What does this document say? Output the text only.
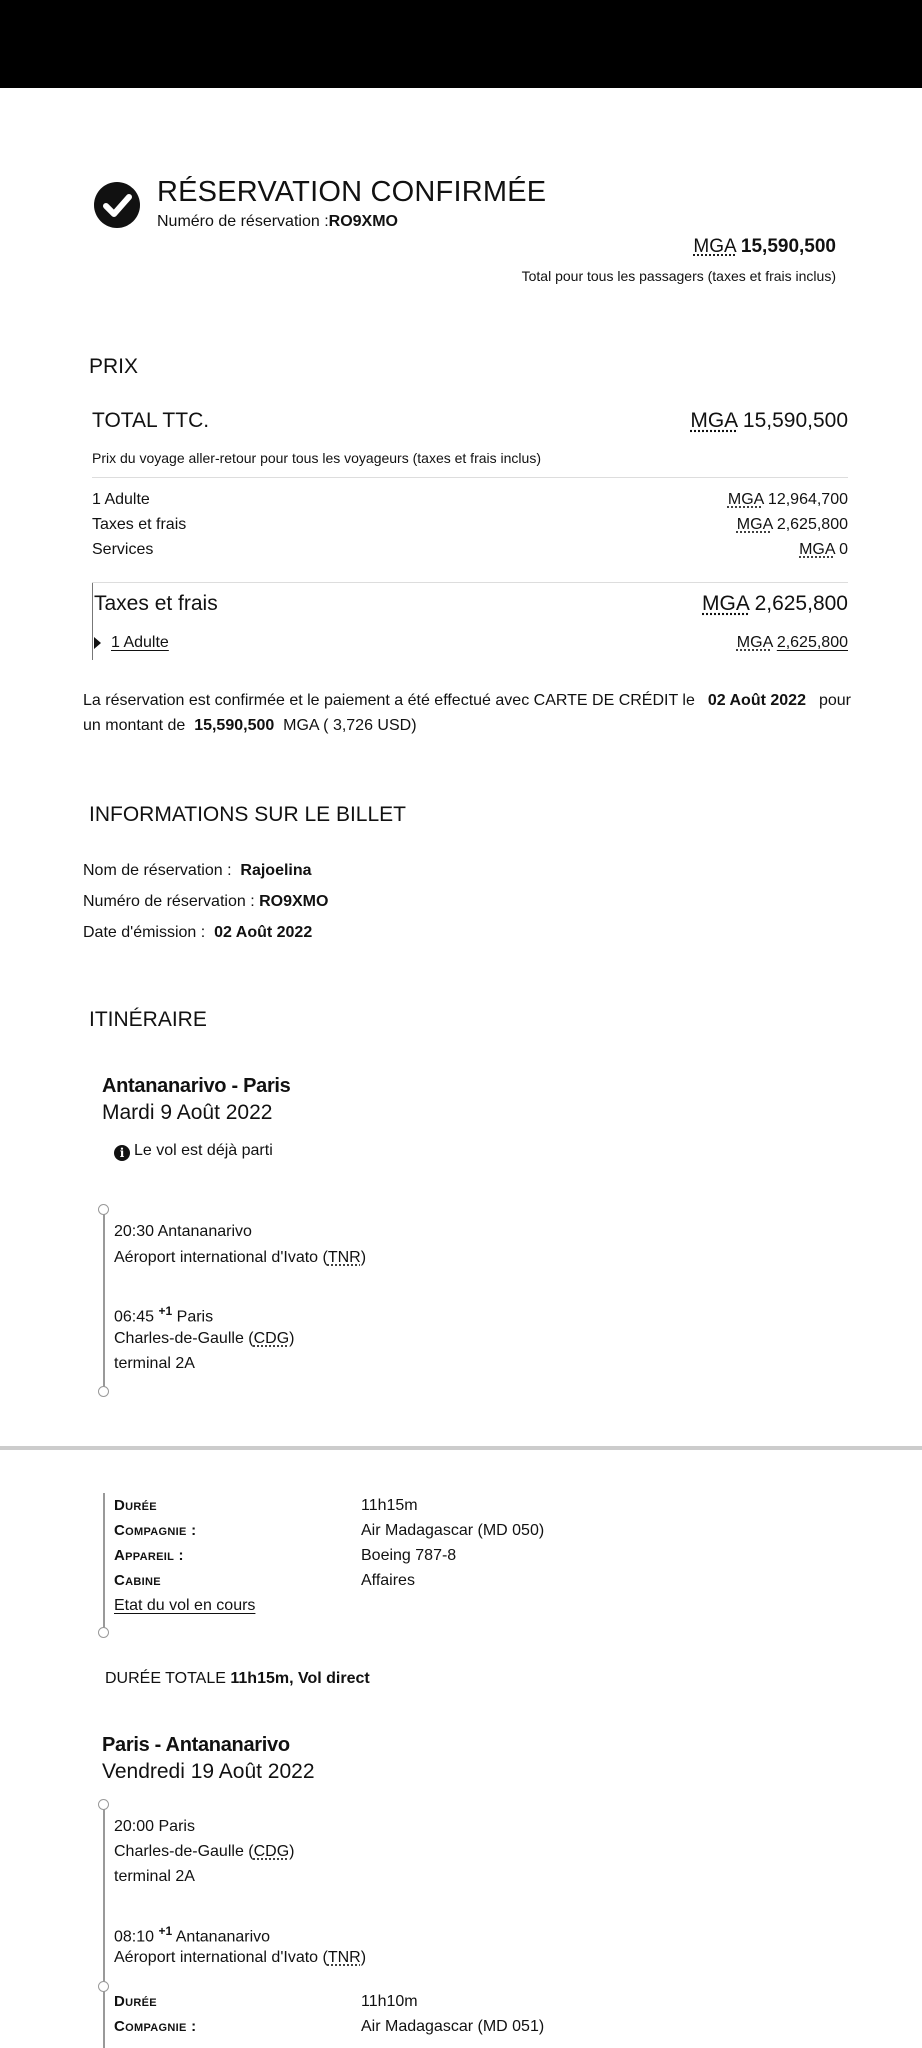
RÉSERVATION CONFIRMÉE
Numéro de réservation :RO9XMO
MGA 15,590,500
Total pour tous les passagers (taxes et frais inclus)
PRIX
TOTAL TTC.	MGA 15,590,500
Prix du voyage aller-retour pour tous les voyageurs (taxes et frais inclus)
1 Adulte	MGA 12,964,700
Taxes et frais	MGA 2,625,800
Services	MGA 0
Taxes et frais	MGA 2,625,800
1 Adulte	MGA 2,625,800
La réservation est confirmée et le paiement a été effectué avec CARTE DE CRÉDIT le 02 Août 2022 pour
un montant de 15,590,500 MGA ( 3,726 USD)
INFORMATIONS SUR LE BILLET
Nom de réservation : Rajoelina
Numéro de réservation : RO9XMO
Date d'émission : 02 Août 2022
ITINÉRAIRE
Antananarivo - Paris
Mardi 9 Août 2022
i Le vol est déjà parti
20:30 Antananarivo
Aéroport international d'Ivato (TNR)
06:45 $^{+1}$ Paris
Charles-de-Gaulle (CDG)
terminal 2A
Durée	11h15m
Compagnie :	Air Madagascar (MD 050)
Appareil :	Boeing 787-8
Cabine	Affaires
Etat du vol en cours
DURÉE TOTALE 11h15m, Vol direct
Paris - Antananarivo
Vendredi 19 Août 2022
20:00 Paris
Charles-de-Gaulle (CDG)
terminal 2A
08:10 $^{+1}$ Antananarivo
Aéroport international d'Ivato (TNR)
Durée	11h10m
Compagnie :	Air Madagascar (MD 051)
